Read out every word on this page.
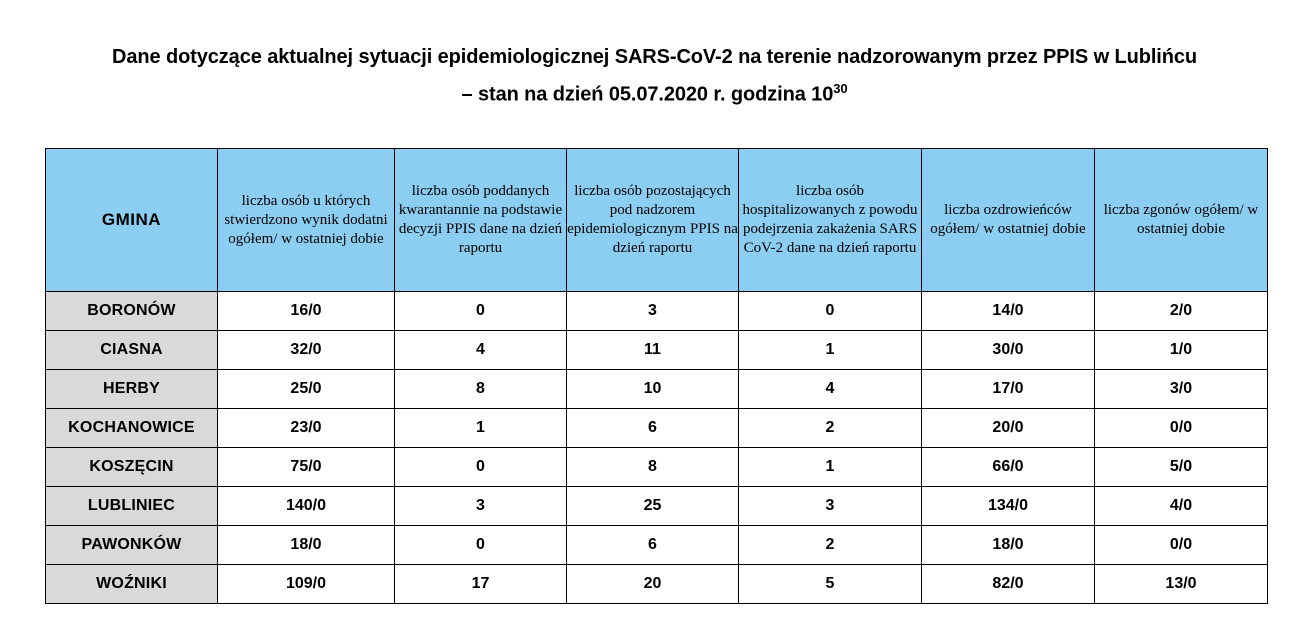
Dane dotyczące aktualnej sytuacji epidemiologicznej SARS-CoV-2 na terenie nadzorowanym przez PPIS w Lublińcu
– stan na dzień 05.07.2020 r. godzina $10^{30}$
GMINA	liczba osób u których stwierdzono wynik dodatni ogółem/ w ostatniej dobie	liczba osób poddanych kwarantannie na podstawie decyzji PPIS dane na dzień raportu	liczba osób pozostających pod nadzorem epidemiologicznym PPIS na dzień raportu	liczba osób hospitalizowanych z powodu podejrzenia zakażenia SARS CoV-2 dane na dzień raportu	liczba ozdrowieńców ogółem/ w ostatniej dobie	liczba zgonów ogółem/ w ostatniej dobie
BORONÓW	16/0	0	3	0	14/0	2/0
CIASNA	32/0	4	11	1	30/0	1/0
HERBY	25/0	8	10	4	17/0	3/0
KOCHANOWICE	23/0	1	6	2	20/0	0/0
KOSZĘCIN	75/0	0	8	1	66/0	5/0
LUBLINIEC	140/0	3	25	3	134/0	4/0
PAWONKÓW	18/0	0	6	2	18/0	0/0
WOŹNIKI	109/0	17	20	5	82/0	13/0
